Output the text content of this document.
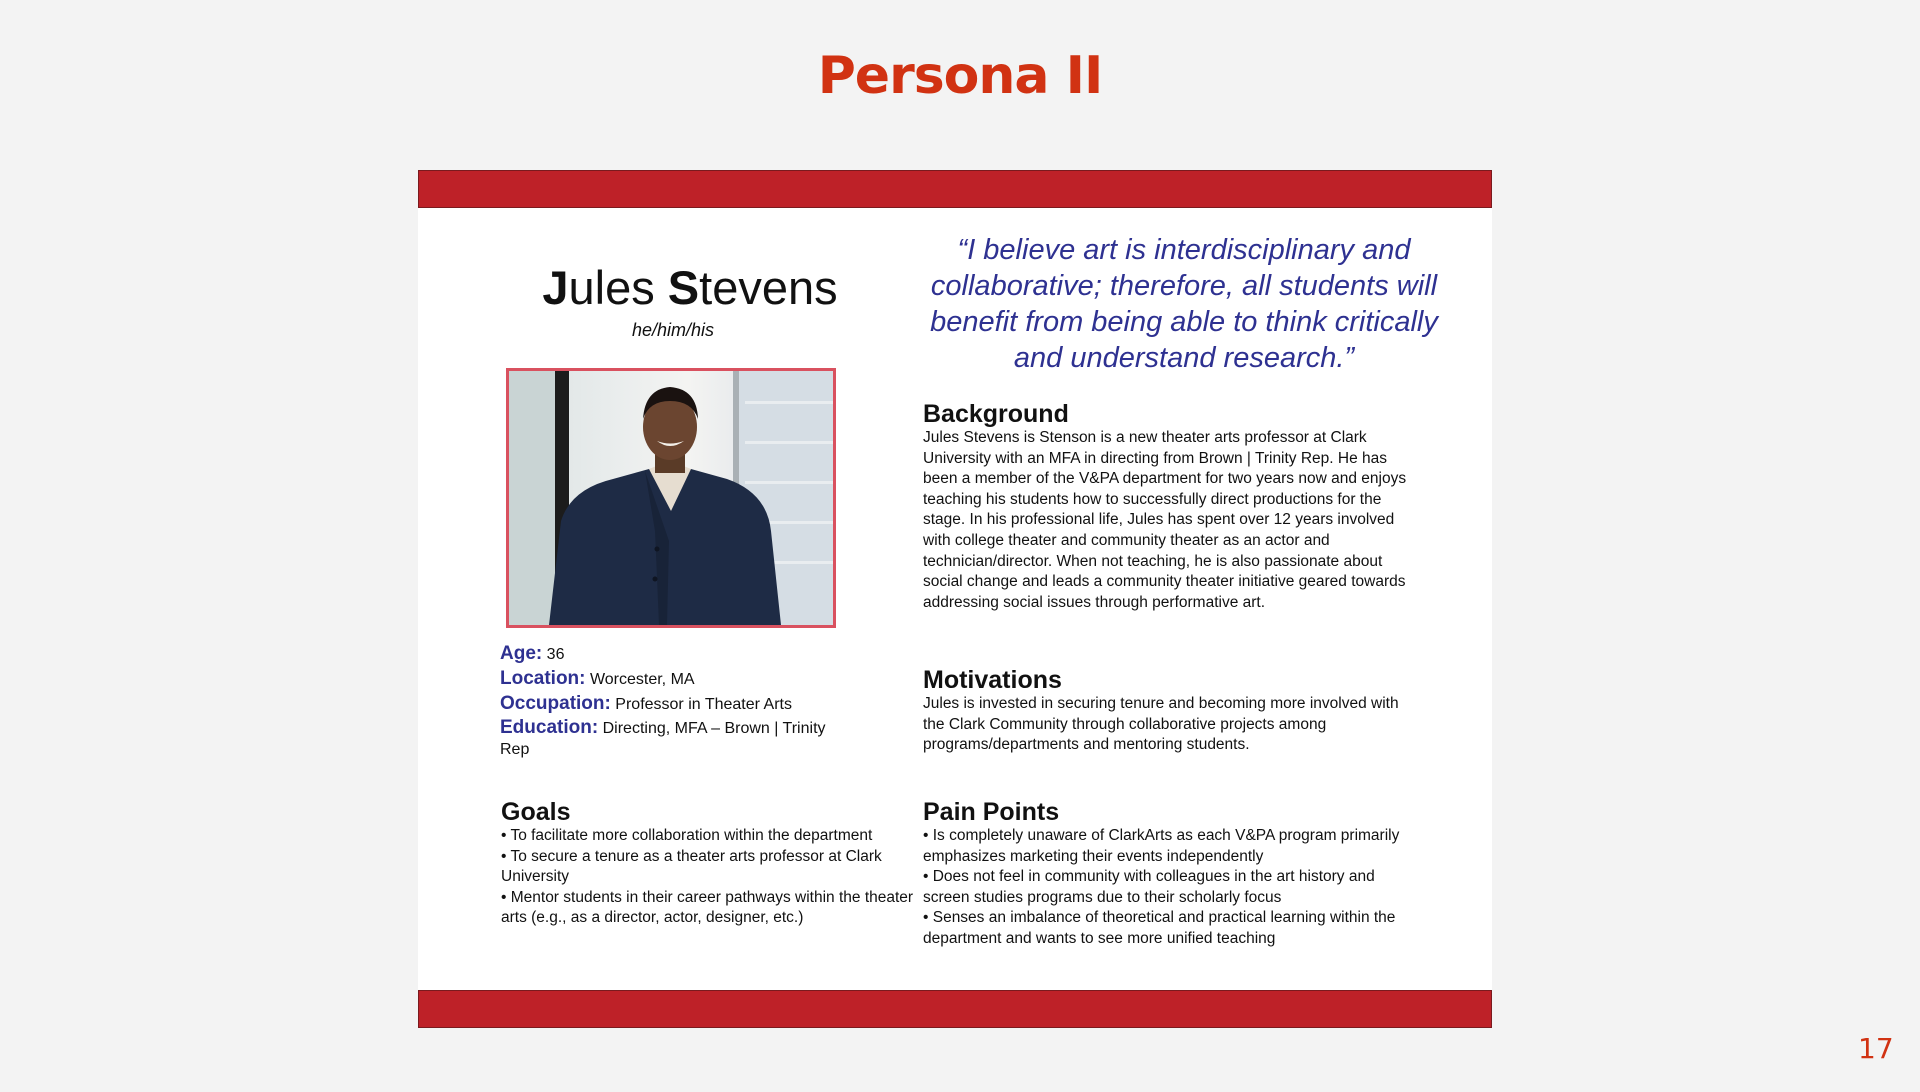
Persona II
Jules Stevens
he/him/his
Age: 36
Location: Worcester, MA
Occupation: Professor in Theater Arts
Education: Directing, MFA – Brown | Trinity Rep

“I believe art is interdisciplinary and collaborative; therefore, all students will benefit from being able to think critically and understand research.”

Background

Jules Stevens is Stenson is a new theater arts professor at Clark University with an MFA in directing from Brown | Trinity Rep. He has been a member of the V&PA department for two years now and enjoys teaching his students how to successfully direct productions for the stage. In his professional life, Jules has spent over 12 years involved with college theater and community theater as an actor and technician/director. When not teaching, he is also passionate about social change and leads a community theater initiative geared towards addressing social issues through performative art.

Motivations

Jules is invested in securing tenure and becoming more involved with the Clark Community through collaborative projects among programs/departments and mentoring students.

Goals
• To facilitate more collaboration within the department
• To secure a tenure as a theater arts professor at Clark University
• Mentor students in their career pathways within the theater arts (e.g., as a director, actor, designer, etc.)
Pain Points
• Is completely unaware of ClarkArts as each V&PA program primarily emphasizes marketing their events independently
• Does not feel in community with colleagues in the art history and screen studies programs due to their scholarly focus
• Senses an imbalance of theoretical and practical learning within the department and wants to see more unified teaching
17
